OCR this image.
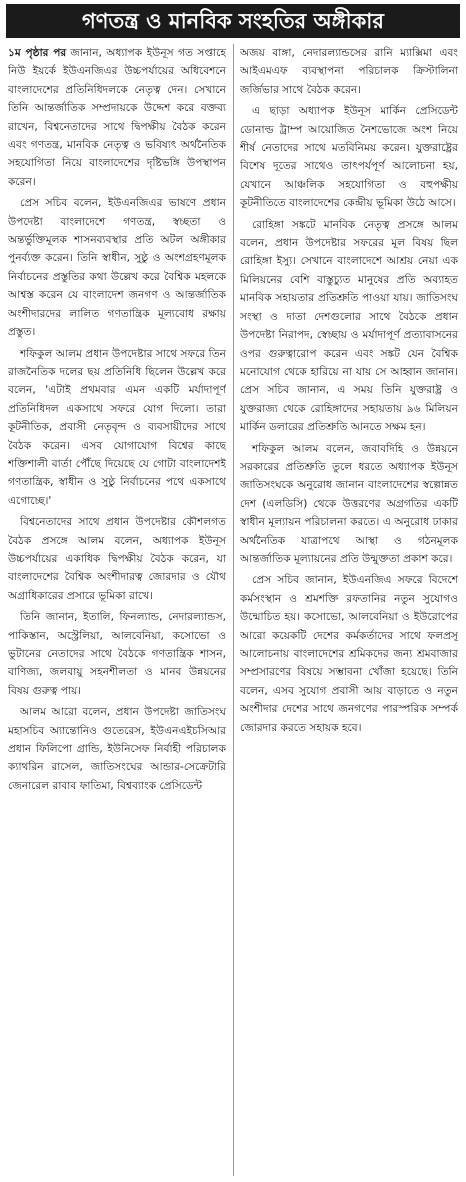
গণতন্ত্র ও মানবিক সংহতির অঙ্গীকার

১ম পৃষ্ঠার পর জানান, অধ্যাপক ইউনূস গত সপ্তাহে নিউ ইয়র্কে ইউএনজিএর উচ্চপর্যায়ের অধিবেশনে বাংলাদেশের প্রতিনিধিদলকে নেতৃত্ব দেন। সেখানে তিনি আন্তর্জাতিক সম্প্রদায়কে উদ্দেশ করে বক্তব্য রাখেন, বিশ্বনেতাদের সাথে দ্বিপক্ষীয় বৈঠক করেন এবং গণতন্ত্র, মানবিক নেতৃত্ব ও ভবিষ্যৎ অর্থনৈতিক সহযোগিতা নিয়ে বাংলাদেশের দৃষ্টিভঙ্গি উপস্থাপন করেন।

প্রেস সচিব বলেন, ইউএনজিএর ভাষণে প্রধান উপদেষ্টা বাংলাদেশে গণতন্ত্র, স্বচ্ছতা ও অন্তর্ভুক্তিমূলক শাসনব্যবস্থার প্রতি অটল অঙ্গীকার পুনর্ব্যক্ত করেন। তিনি স্বাধীন, সুষ্ঠু ও অংশগ্রহণমূলক নির্বাচনের প্রস্তুতির কথা উল্লেখ করে বৈশ্বিক মহলকে আশ্বস্ত করেন যে বাংলাদেশ জনগণ ও আন্তর্জাতিক অংশীদারদের লালিত গণতান্ত্রিক মূল্যবোধ রক্ষায় প্রস্তুত।

শফিকুল আলম প্রধান উপদেষ্টার সাথে সফরে তিন রাজনৈতিক দলের ছয় প্রতিনিধি ছিলেন উল্লেখ করে বলেন, 'এটাই প্রথমবার এমন একটি মর্যাদাপূর্ণ প্রতিনিধিদল একসাথে সফরে যোগ দিলো। তারা কূটনীতিক, প্রবাসী নেতৃবৃন্দ ও ব্যবসায়ীদের সাথে বৈঠক করেন। এসব যোগাযোগ বিশ্বের কাছে শক্তিশালী বার্তা পৌঁছে দিয়েছে যে গোটা বাংলাদেশই গণতান্ত্রিক, স্বাধীন ও সুষ্ঠু নির্বাচনের পথে একসাথে এগোচ্ছে।'

বিশ্বনেতাদের সাথে প্রধান উপদেষ্টার কৌশলগত বৈঠক প্রসঙ্গে আলম বলেন, অধ্যাপক ইউনূস উচ্চপর্যায়ের একাধিক দ্বিপক্ষীয় বৈঠক করেন, যা বাংলাদেশের বৈশ্বিক অংশীদারত্ব জোরদার ও যৌথ অগ্রাধিকারের প্রসারে ভূমিকা রাখে।

তিনি জানান, ইতালি, ফিনল্যান্ড, নেদারল্যান্ডস, পাকিস্তান, অস্ট্রেলিয়া, আলবেনিয়া, কসোভো ও ভুটানের নেতাদের সাথে বৈঠকে গণতান্ত্রিক শাসন, বাণিজ্য, জলবায়ু সহনশীলতা ও মানব উন্নয়নের বিষয় গুরুত্ব পায়।

আলম আরো বলেন, প্রধান উপদেষ্টা জাতিসংঘ মহাসচিব অ্যান্তোনিও গুতেরেস, ইউএনএইচসিআর প্রধান ফিলিপো গ্রান্ডি, ইউনিসেফ নির্বাহী পরিচালক ক্যাথরিন রাসেল, জাতিসংঘের আন্ডার-সেক্রেটারি জেনারেল রাবাব ফাতিমা, বিশ্বব্যাংক প্রেসিডেন্ট

অজয় বাঙ্গা, নেদারল্যান্ডসের রানি ম্যাক্সিমা এবং আইএমএফ ব্যবস্থাপনা পরিচালক ক্রিস্টালিনা জর্জিভার সাথে বৈঠক করেন।

এ ছাড়া অধ্যাপক ইউনূস মার্কিন প্রেসিডেন্ট ডোনাল্ড ট্রাম্প আয়োজিত নৈশভোজে অংশ নিয়ে শীর্ষ নেতাদের সাথে মতবিনিময় করেন। যুক্তরাষ্ট্রের বিশেষ দূতের সাথেও তাৎপর্যপূর্ণ আলোচনা হয়, যেখানে আঞ্চলিক সহযোগিতা ও বহুপক্ষীয় কূটনীতিতে বাংলাদেশের কেন্দ্রীয় ভূমিকা উঠে আসে।

রোহিঙ্গা সঙ্কটে মানবিক নেতৃত্ব প্রসঙ্গে আলম বলেন, প্রধান উপদেষ্টার সফরের মূল বিষয় ছিল রোহিঙ্গা ইস্যু। সেখানে বাংলাদেশে আশ্রয় নেয়া এক মিলিয়নের বেশি বাস্তুচ্যুত মানুষের প্রতি অব্যাহত মানবিক সহায়তার প্রতিশ্রুতি পাওয়া যায়। জাতিসংঘ সংস্থা ও দাতা দেশগুলোর সাথে বৈঠকে প্রধান উপদেষ্টা নিরাপদ, স্বেচ্ছায় ও মর্যাদাপূর্ণ প্রত্যাবাসনের ওপর গুরুত্বারোপ করেন এবং সঙ্কট যেন বৈশ্বিক মনোযোগ থেকে হারিয়ে না যায় সে আহ্বান জানান। প্রেস সচিব জানান, এ সময় তিনি যুক্তরাষ্ট্র ও যুক্তরাজ্য থেকে রোহিঙ্গাদের সহায়তায় ৯৬ মিলিয়ন মার্কিন ডলারের প্রতিশ্রুতি আনতে সক্ষম হন।

শফিকুল আলম বলেন, জবাবদিহি ও উন্নয়নে সরকারের প্রতিশ্রুতি তুলে ধরতে অধ্যাপক ইউনূস জাতিসংঘকে অনুরোধ জানান বাংলাদেশের স্বল্পোন্নত দেশ (এলডিসি) থেকে উত্তরণের অগ্রগতির একটি স্বাধীন মূল্যায়ন পরিচালনা করতে। এ অনুরোধ ঢাকার অর্থনৈতিক যাত্রাপথে আস্থা ও গঠনমূলক আন্তর্জাতিক মূল্যায়নের প্রতি উন্মুক্ততা প্রকাশ করে।

প্রেস সচিব জানান, ইউএনজিএ সফরে বিদেশে কর্মসংস্থান ও শ্রমশক্তি রফতানির নতুন সুযোগও উন্মোচিত হয়। কসোভো, আলবেনিয়া ও ইউরোপের আরো কয়েকটি দেশের কর্মকর্তাদের সাথে ফলপ্রসূ আলোচনায় বাংলাদেশের শ্রমিকদের জন্য শ্রমবাজার সম্প্রসারণের বিষয়ে সম্ভাবনা খোঁজা হয়েছে। তিনি বলেন, এসব সুযোগ প্রবাসী আয় বাড়াতে ও নতুন অংশীদার দেশের সাথে জনগণের পারস্পরিক সম্পর্ক জোরদার করতে সহায়ক হবে।
